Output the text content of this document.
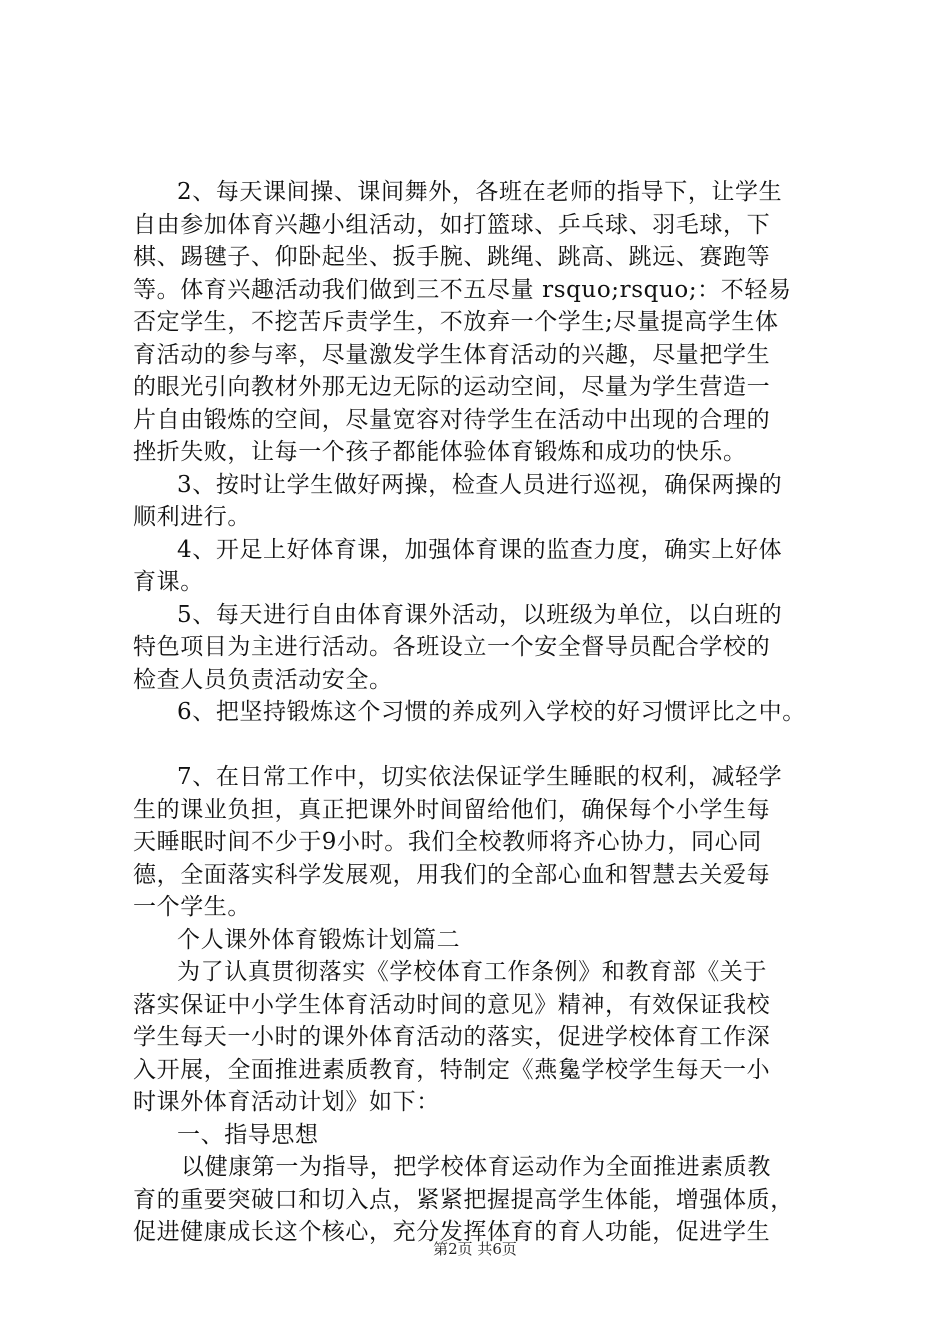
2、每天课间操、课间舞外，各班在老师的指导下，让学生
自由参加体育兴趣小组活动，如打篮球、乒乓球、羽毛球，下
棋、踢毽子、仰卧起坐、扳手腕、跳绳、跳高、跳远、赛跑等
等。体育兴趣活动我们做到三不五尽量 rsquo;rsquo;：不轻易
否定学生，不挖苦斥责学生，不放弃一个学生;尽量提高学生体
育活动的参与率，尽量激发学生体育活动的兴趣，尽量把学生
的眼光引向教材外那无边无际的运动空间，尽量为学生营造一
片自由锻炼的空间，尽量宽容对待学生在活动中出现的合理的
挫折失败，让每一个孩子都能体验体育锻炼和成功的快乐。
3、按时让学生做好两操，检查人员进行巡视，确保两操的
顺利进行。
4、开足上好体育课，加强体育课的监查力度，确实上好体
育课。
5、每天进行自由体育课外活动，以班级为单位，以白班的
特色项目为主进行活动。各班设立一个安全督导员配合学校的
检查人员负责活动安全。
6、把坚持锻炼这个习惯的养成列入学校的好习惯评比之中。
7、在日常工作中，切实依法保证学生睡眠的权利，减轻学
生的课业负担，真正把课外时间留给他们，确保每个小学生每
天睡眠时间不少于9小时。我们全校教师将齐心协力，同心同
德，全面落实科学发展观，用我们的全部心血和智慧去关爱每
一个学生。
个人课外体育锻炼计划篇二
为了认真贯彻落实《学校体育工作条例》和教育部《关于
落实保证中小学生体育活动时间的意见》精神，有效保证我校
学生每天一小时的课外体育活动的落实，促进学校体育工作深
入开展，全面推进素质教育，特制定《燕毚学校学生每天一小
时课外体育活动计划》如下：
一、指导思想
以健康第一为指导，把学校体育运动作为全面推进素质教
育的重要突破口和切入点，紧紧把握提高学生体能，增强体质，
促进健康成长这个核心，充分发挥体育的育人功能，促进学生
第2页 共6页
